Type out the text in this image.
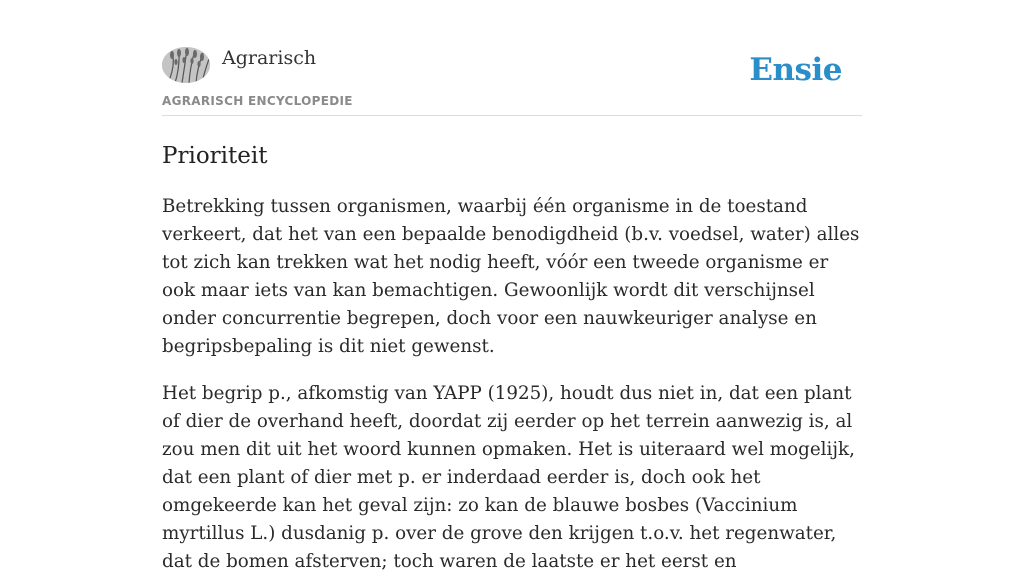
Agrarisch
AGRARISCH ENCYCLOPEDIE
Ensie
Prioriteit

Betrekking tussen organismen, waarbij één organisme in de toestand verkeert, dat het van een bepaalde benodigdheid (b.v. voedsel, water) alles tot zich kan trekken wat het nodig heeft, vóór een tweede organisme er ook maar iets van kan bemachtigen. Gewoonlijk wordt dit verschijnsel onder concurrentie begrepen, doch voor een nauwkeuriger analyse en begripsbepaling is dit niet gewenst.

Het begrip p., afkomstig van YAPP (1925), houdt dus niet in, dat een plant of dier de overhand heeft, doordat zij eerder op het terrein aanwezig is, al zou men dit uit het woord kunnen opmaken. Het is uiteraard wel mogelijk, dat een plant of dier met p. er inderdaad eerder is, doch ook het omgekeerde kan het geval zijn: zo kan de blauwe bosbes (Vaccinium myrtillus L.) dusdanig p. over de grove den krijgen t.o.v. het regenwater, dat de bomen afsterven; toch waren de laatste er het eerst en
